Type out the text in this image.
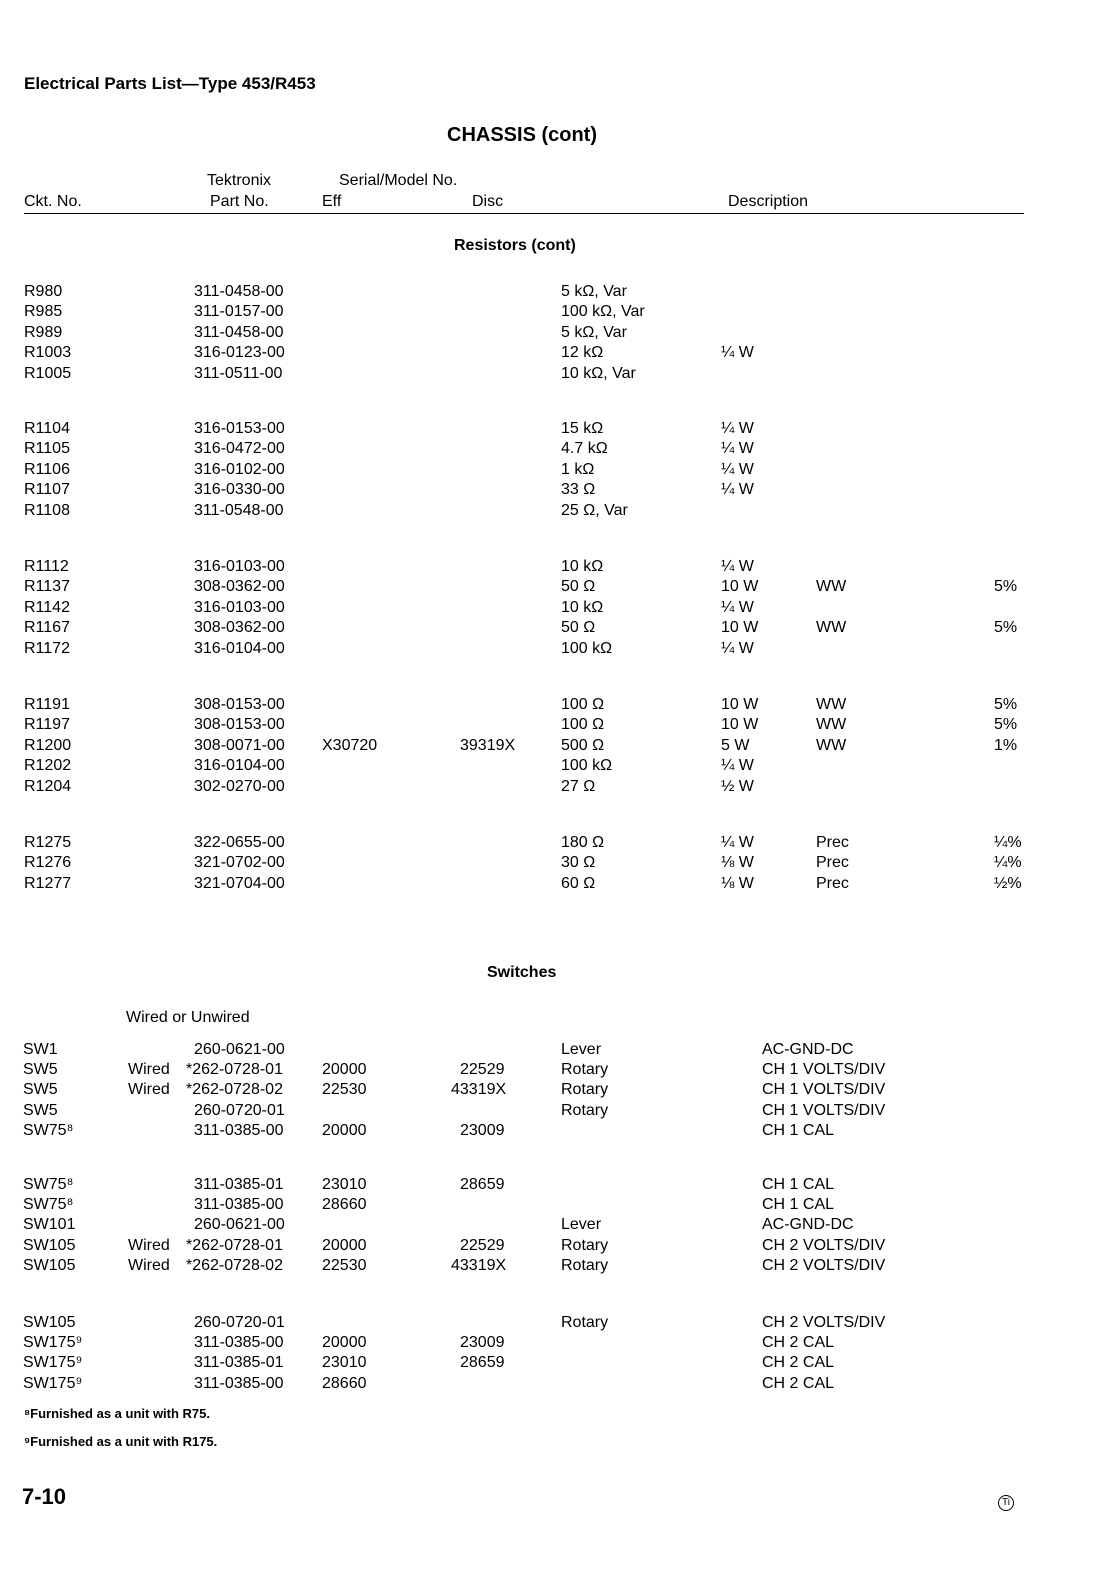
Electrical Parts List—Type 453/R453
CHASSIS (cont)
Tektronix	Serial/Model No.
Ckt. No.	Part No.	Eff	Disc	Description
Resistors (cont)
R980	311-0458-00	5 kΩ, Var
R985	311-0157-00	100 kΩ, Var
R989	311-0458-00	5 kΩ, Var
R1003	316-0123-00	12 kΩ	¼ W
R1005	311-0511-00	10 kΩ, Var
R1104	316-0153-00	15 kΩ	¼ W
R1105	316-0472-00	4.7 kΩ	¼ W
R1106	316-0102-00	1 kΩ	¼ W
R1107	316-0330-00	33 Ω	¼ W
R1108	311-0548-00	25 Ω, Var
R1112	316-0103-00	10 kΩ	¼ W
R1137	308-0362-00	50 Ω	10 W	WW	5%
R1142	316-0103-00	10 kΩ	¼ W
R1167	308-0362-00	50 Ω	10 W	WW	5%
R1172	316-0104-00	100 kΩ	¼ W
R1191	308-0153-00	100 Ω	10 W	WW	5%
R1197	308-0153-00	100 Ω	10 W	WW	5%
R1200	308-0071-00 X30720	39319X	500 Ω	5 W	WW	1%
R1202	316-0104-00	100 kΩ	¼ W
R1204	302-0270-00	27 Ω	½ W
R1275	322-0655-00	180 Ω	¼ W	Prec	¼%
R1276	321-0702-00	30 Ω	⅛ W	Prec	¼%
R1277	321-0704-00	60 Ω	⅛ W	Prec	½%
Switches
Wired or Unwired
SW1	260-0621-00	Lever	AC-GND-DC
SW5	Wired *262-0728-01 20000	22529	Rotary	CH 1 VOLTS/DIV
SW5	Wired *262-0728-02 22530	43319X	Rotary	CH 1 VOLTS/DIV
SW5	260-0720-01	Rotary	CH 1 VOLTS/DIV
SW75⁸	311-0385-00 20000	23009	CH 1 CAL
SW75⁸	311-0385-01 23010	28659	CH 1 CAL
SW75⁸	311-0385-00 28660	CH 1 CAL
SW101	260-0621-00	Lever	AC-GND-DC
SW105	Wired *262-0728-01 20000	22529	Rotary	CH 2 VOLTS/DIV
SW105	Wired *262-0728-02 22530	43319X	Rotary	CH 2 VOLTS/DIV
SW105	260-0720-01	Rotary	CH 2 VOLTS/DIV
SW175⁹	311-0385-00 20000	23009	CH 2 CAL
SW175⁹	311-0385-01 23010	28659	CH 2 CAL
SW175⁹	311-0385-00 28660	CH 2 CAL
⁸Furnished as a unit with R75.
⁹Furnished as a unit with R175.
7-10	Ti
